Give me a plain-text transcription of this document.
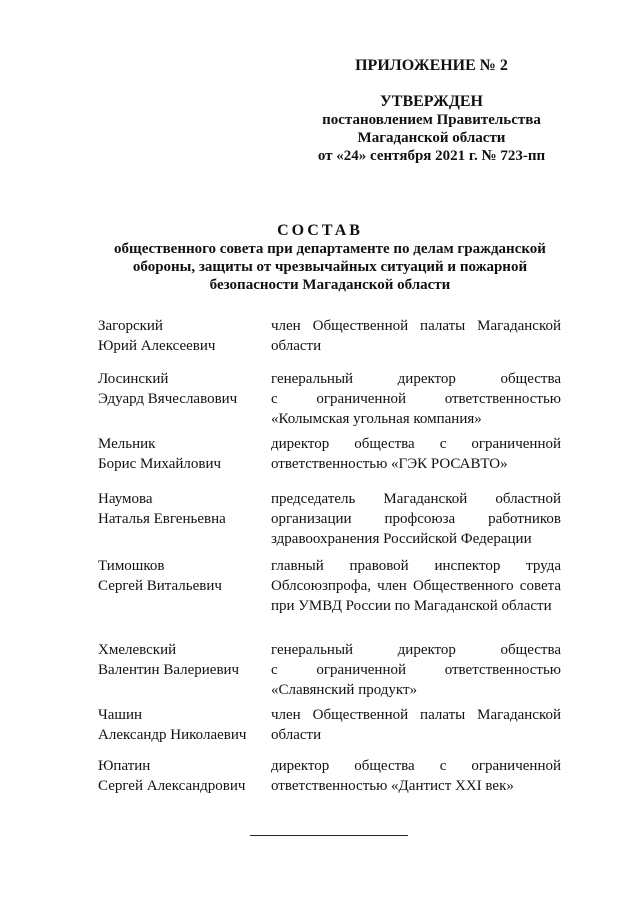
ПРИЛОЖЕНИЕ № 2
УТВЕРЖДЕН
постановлением Правительства
Магаданской области
от «24» сентября 2021 г. № 723-пп
СОСТАВ
общественного совета при департаменте по делам гражданской
обороны, защиты от чрезвычайных ситуаций и пожарной
безопасности Магаданской области
Загорский
Юрий Алексеевич
член Общественной палаты Магаданской
области
Лосинский
Эдуард Вячеславович
генеральный директор общества
с ограниченной ответственностью
«Колымская угольная компания»
Мельник
Борис Михайлович
директор общества с ограниченной
ответственностью «ГЭК РОСАВТО»
Наумова
Наталья Евгеньевна
председатель Магаданской областной
организации профсоюза работников
здравоохранения Российской Федерации
Тимошков
Сергей Витальевич
главный правовой инспектор труда
Облсоюзпрофа, член Общественного совета
при УМВД России по Магаданской области
Хмелевский
Валентин Валериевич
генеральный директор общества
с ограниченной ответственностью
«Славянский продукт»
Чашин
Александр Николаевич
член Общественной палаты Магаданской
области
Юпатин
Сергей Александрович
директор общества с ограниченной
ответственностью «Дантист XXI век»
